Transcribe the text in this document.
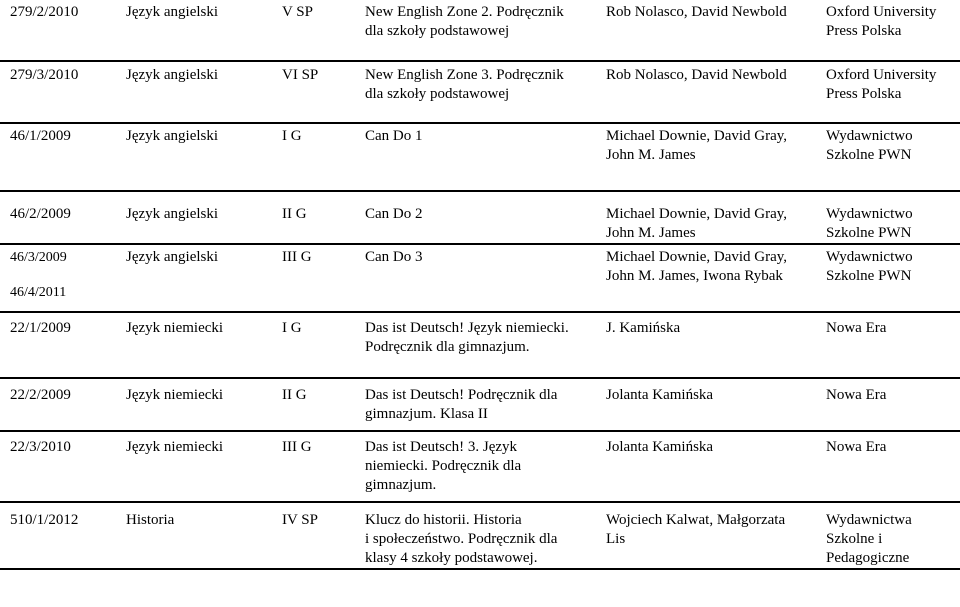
279/2/2010	Język angielski	V SP	New English Zone 2. Podręcznik
dla szkoły podstawowej	Rob Nolasco, David Newbold	Oxford University
Press Polska

279/3/2010	Język angielski	VI SP	New English Zone 3. Podręcznik
dla szkoły podstawowej	Rob Nolasco, David Newbold	Oxford University
Press Polska

46/1/2009	Język angielski	I G	Can Do 1	Michael Downie, David Gray,
John M. James	Wydawnictwo
Szkolne PWN

46/2/2009	Język angielski	II G	Can Do 2	Michael Downie, David Gray,
John M. James	Wydawnictwo
Szkolne PWN

46/3/2009
46/4/2011	Język angielski	III G	Can Do 3	Michael Downie, David Gray,
John M. James, Iwona Rybak	Wydawnictwo
Szkolne PWN

22/1/2009	Język niemiecki	I G	Das ist Deutsch! Język niemiecki.
Podręcznik dla gimnazjum.	J. Kamińska	Nowa Era

22/2/2009	Język niemiecki	II G	Das ist Deutsch! Podręcznik dla
gimnazjum. Klasa II	Jolanta Kamińska	Nowa Era

22/3/2010	Język niemiecki	III G	Das ist Deutsch! 3. Język
niemiecki. Podręcznik dla
gimnazjum.	Jolanta Kamińska	Nowa Era

510/1/2012	Historia	IV SP	Klucz do historii. Historia
i społeczeństwo. Podręcznik dla
klasy 4 szkoły podstawowej.	Wojciech Kalwat, Małgorzata
Lis	Wydawnictwa
Szkolne i
Pedagogiczne
